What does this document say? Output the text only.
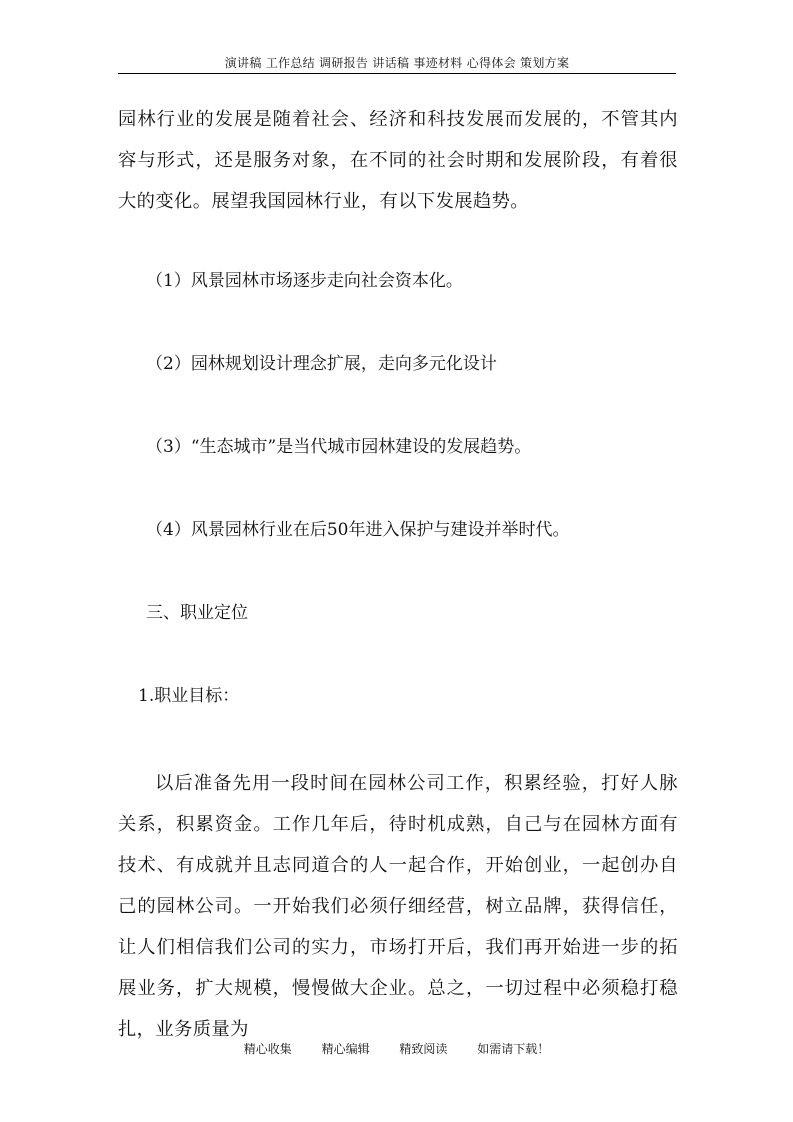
演讲稿 工作总结 调研报告 讲话稿 事迹材料 心得体会 策划方案

园林行业的发展是随着社会、经济和科技发展而发展的，不管其内容与形式，还是服务对象，在不同的社会时期和发展阶段，有着很大的变化。展望我国园林行业，有以下发展趋势。

（1）风景园林市场逐步走向社会资本化。

（2）园林规划设计理念扩展，走向多元化设计

（3）“生态城市”是当代城市园林建设的发展趋势。

（4）风景园林行业在后50年进入保护与建设并举时代。

三、职业定位

1.职业目标：

以后准备先用一段时间在园林公司工作，积累经验，打好人脉关系，积累资金。工作几年后，待时机成熟，自己与在园林方面有技术、有成就并且志同道合的人一起合作，开始创业，一起创办自己的园林公司。一开始我们必须仔细经营，树立品牌，获得信任，让人们相信我们公司的实力，市场打开后，我们再开始进一步的拓展业务，扩大规模，慢慢做大企业。总之，一切过程中必须稳打稳扎，业务质量为

精心收集 精心编辑 精致阅读 如需请下载！
